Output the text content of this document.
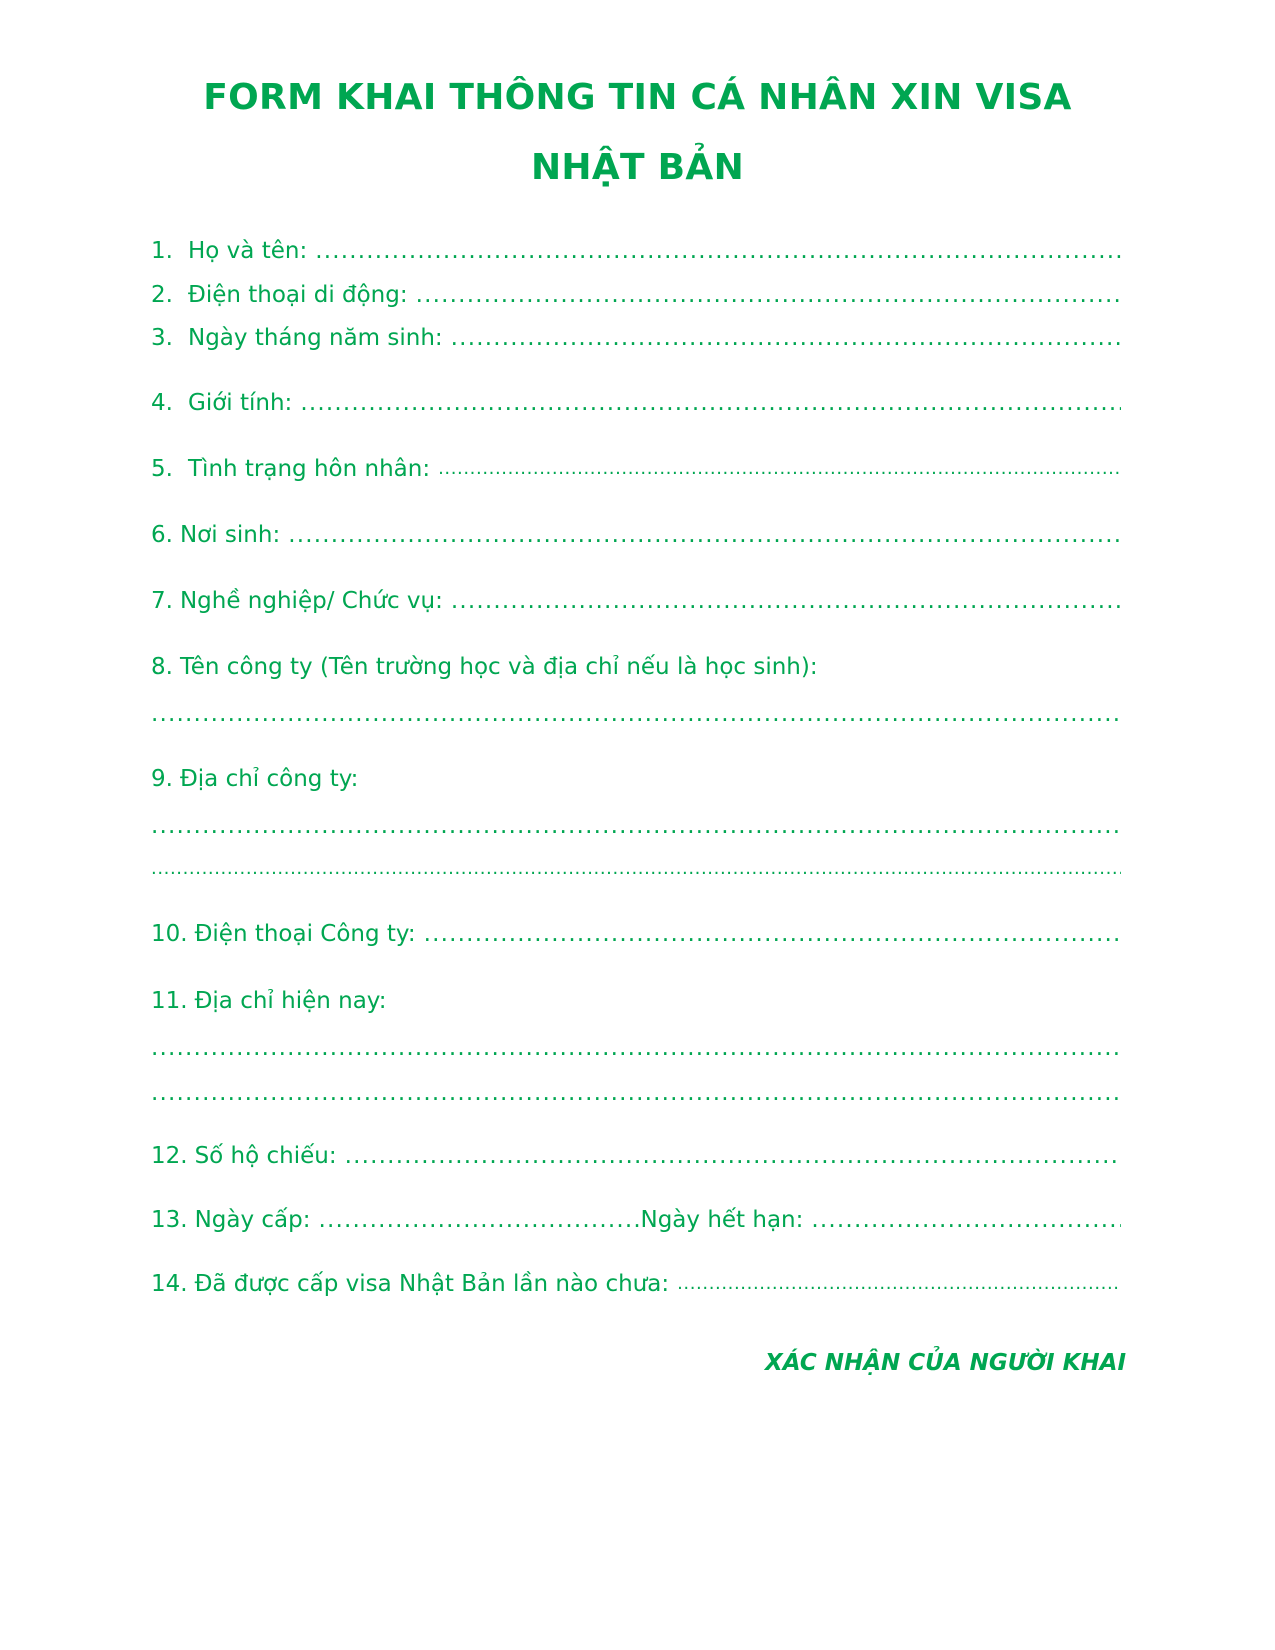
FORM KHAI THÔNG TIN CÁ NHÂN XIN VISA
NHẬT BẢN
1. Họ và tên:
.....
2. Điện thoại di động:
.....
3. Ngày tháng năm sinh:
.....
4. Giới tính:
.....
5. Tình trạng hôn nhân:
.....
6. Nơi sinh:
.....
7. Nghề nghiệp/ Chức vụ:
.....
8. Tên công ty (Tên trường học và địa chỉ nếu là học sinh):
.....
9. Địa chỉ công ty:
.....
.....
10. Điện thoại Công ty:
.....
11. Địa chỉ hiện nay:
.....
.....
12. Số hộ chiếu:
.....
13. Ngày cấp:
.....	Ngày hết hạn:
.....
14. Đã được cấp visa Nhật Bản lần nào chưa:
.....
XÁC NHẬN CỦA NGƯỜI KHAI
